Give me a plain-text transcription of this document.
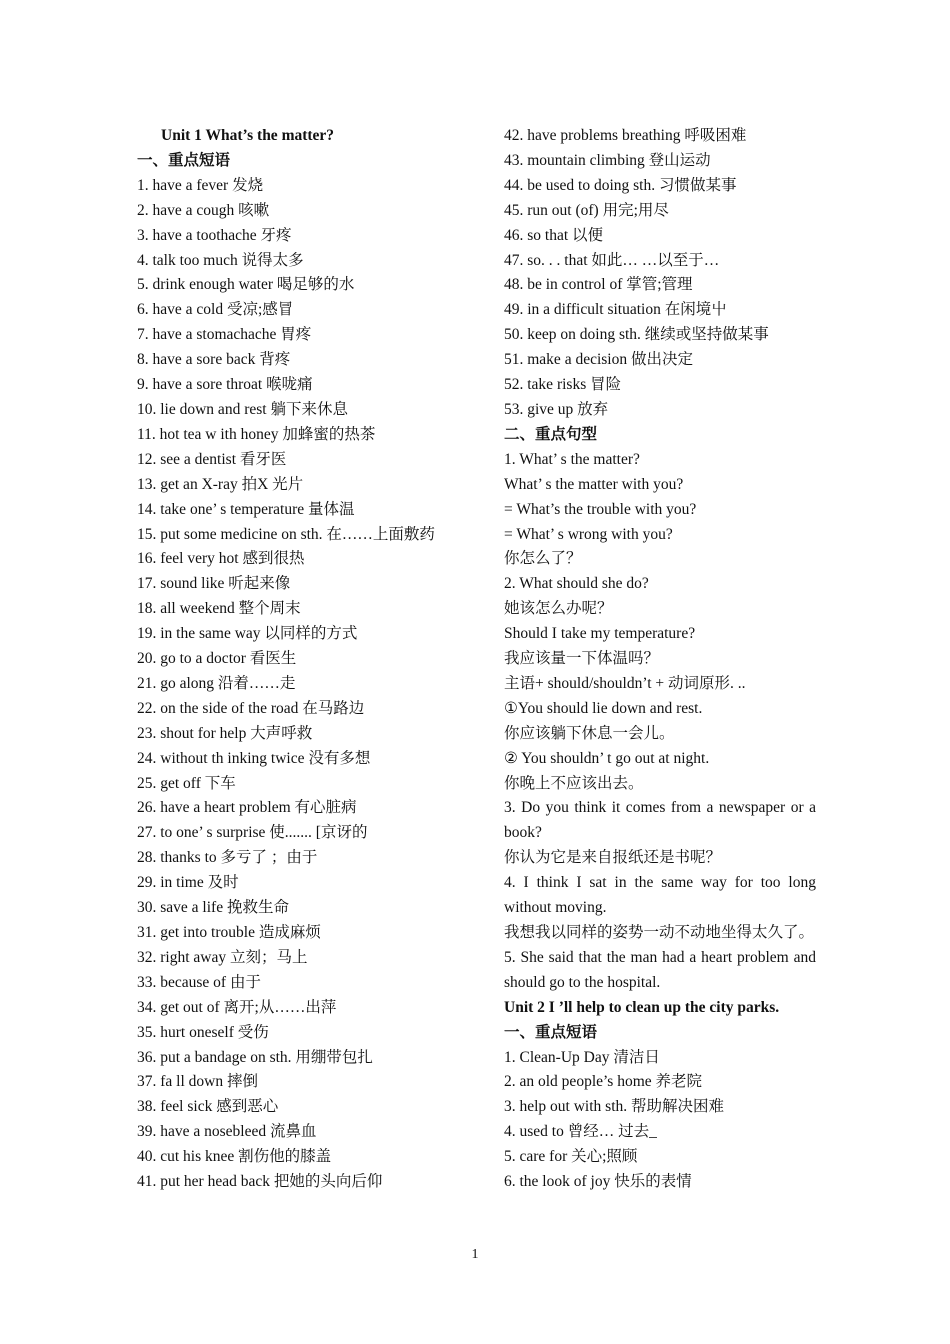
Unit 1 What’s the matter?
一、重点短语
1. have a fever 发烧
2. have a cough 咳嗽
3. have a toothache 牙疼
4. talk too much 说得太多
5. drink enough water 喝足够的水
6. have a cold 受凉;感冒
7. have a stomachache 胃疼
8. have a sore back 背疼
9. have a sore throat 喉咙痛
10. lie down and rest 躺下来休息
11. hot tea w ith honey 加蜂蜜的热茶
12. see a dentist 看牙医
13. get an X-ray 拍X 光片
14. take one’ s temperature 量体温
15. put some medicine on sth. 在……上面敷药
16. feel very hot 感到很热
17. sound like 听起来像
18. all weekend 整个周末
19. in the same way 以同样的方式
20. go to a doctor 看医生
21. go along 沿着……走
22. on the side of the road 在马路边
23. shout for help 大声呼救
24. without th inking twice 没有多想
25. get off 下车
26. have a heart problem 有心脏病
27. to one’ s surprise 使....... [京讶的
28. thanks to 多亏了 ；由于
29. in time 及时
30. save a life 挽救生命
31. get into trouble 造成麻烦
32. right away 立刻；马上
33. because of 由于
34. get out of 离开;从……出萍
35. hurt oneself 受伤
36. put a bandage on sth. 用绷带包扎
37. fa ll down 摔倒
38. feel sick 感到恶心
39. have a nosebleed 流鼻血
40. cut his knee 割伤他的膝盖
41. put her head back 把她的头向后仰
42. have problems breathing 呼吸困难
43. mountain climbing 登山运动
44. be used to doing sth. 习惯做某事
45. run out (of) 用完;用尽
46. so that 以便
47. so. . . that 如此… …以至于…
48. be in control of 掌管;管理
49. in a difficult situation 在闲境屮
50. keep on doing sth. 继续或坚持做某事
51. make a decision 做出决定
52. take risks 冒险
53. give up 放弃
二、重点句型
1. What’ s the matter?
What’ s the matter with you?
= What’s the trouble with you?
= What’ s wrong with you?
你怎么了？
2. What should she do?
她该怎么办呢？
Should I take my temperature?
我应该量一下体温吗？
主语+ should/shouldn’t + 动词原形. ..
①You should lie down and rest.
你应该躺下休息一会儿。
② You shouldn’ t go out at night.
你晚上不应该出去。
3. Do you think it comes from a newspaper or a book?
你认为它是来自报纸还是书呢？
4. I think I sat in the same way for too long without moving.
我想我以同样的姿势一动不动地坐得太久了。
5. She said that the man had a heart problem and should go to the hospital.
Unit 2 I ’ll help to clean up the city parks.
一、重点短语
1. Clean-Up Day 清洁日
2. an old people’s home 养老院
3. help out with sth. 帮助解决困难
4. used to 曾经… 过去_
5. care for 关心;照顾
6. the look of joy 快乐的表情
1
